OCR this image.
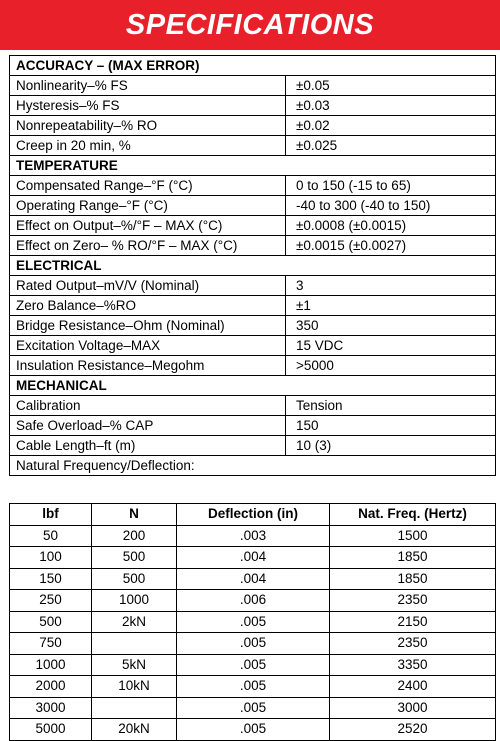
SPECIFICATIONS
ACCURACY – (MAX ERROR)	
Nonlinearity–% FS	±0.05
Hysteresis–% FS	±0.03
Nonrepeatability–% RO	±0.02
Creep in 20 min, %	±0.025
TEMPERATURE	
Compensated Range–°F (°C)	0 to 150 (-15 to 65)
Operating Range–°F (°C)	-40 to 300 (-40 to 150)
Effect on Output–%/°F – MAX (°C)	±0.0008 (±0.0015)
Effect on Zero– % RO/°F – MAX (°C)	±0.0015 (±0.0027)
ELECTRICAL	
Rated Output–mV/V (Nominal)	3
Zero Balance–%RO	±1
Bridge Resistance–Ohm (Nominal)	350
Excitation Voltage–MAX	15 VDC
Insulation Resistance–Megohm	>5000
MECHANICAL	
Calibration	Tension
Safe Overload–% CAP	150
Cable Length–ft (m)	10 (3)
Natural Frequency/Deflection:	
lbf	N	Deflection (in)	Nat. Freq. (Hertz)
50	200	.003	1500
100	500	.004	1850
150	500	.004	1850
250	1000	.006	2350
500	2kN	.005	2150
750		.005	2350
1000	5kN	.005	3350
2000	10kN	.005	2400
3000		.005	3000
5000	20kN	.005	2520
